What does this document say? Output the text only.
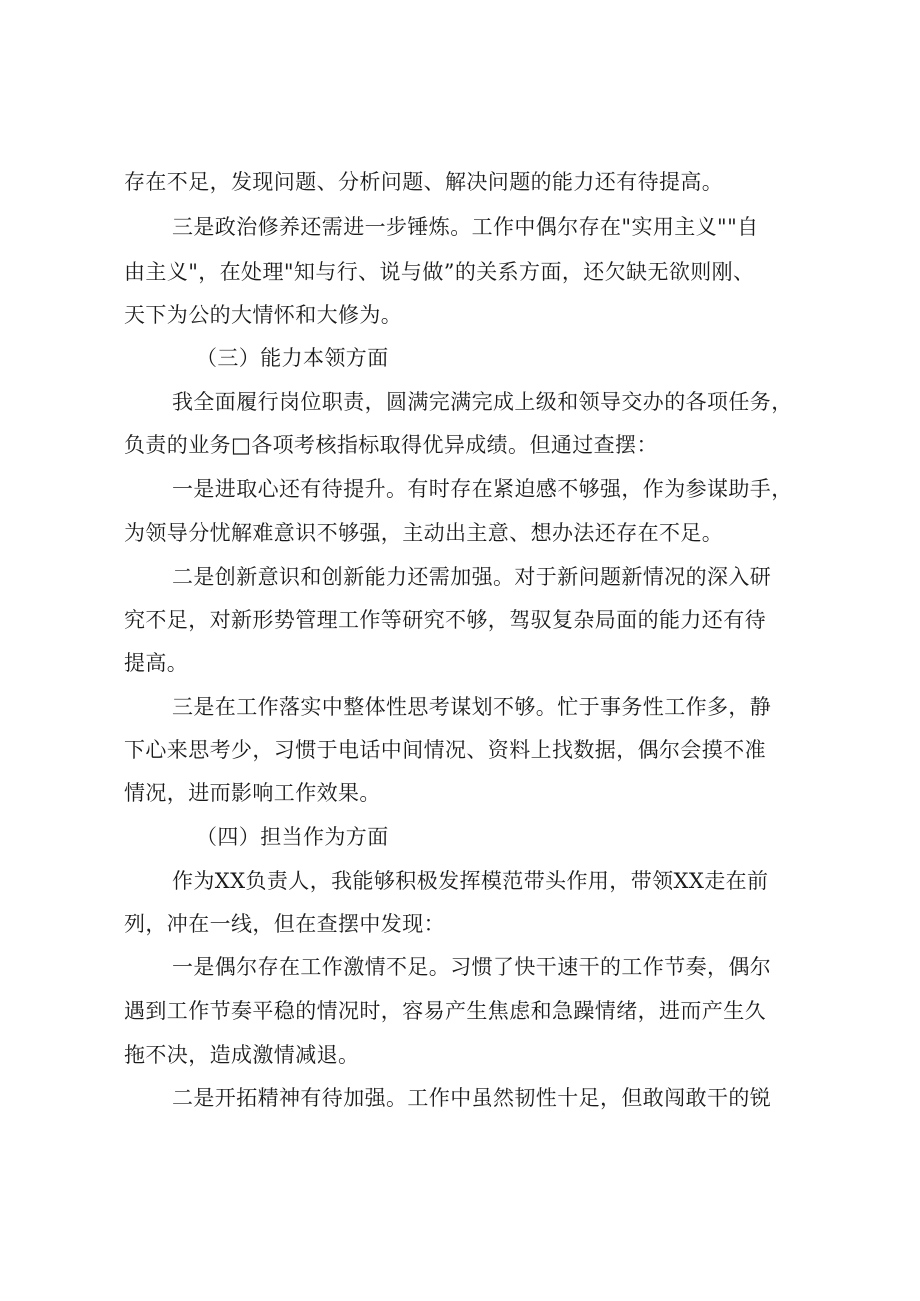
存在不足，发现问题、分析问题、解决问题的能力还有待提高。
三是政治修养还需进一步锤炼。工作中偶尔存在"实用主义""自
由主义"，在处理"知与行、说与做”的关系方面，还欠缺无欲则刚、
天下为公的大情怀和大修为。
（三）能力本领方面
我全面履行岗位职责，圆满完满完成上级和领导交办的各项任务，
负责的业务□各项考核指标取得优异成绩。但通过查摆：
一是进取心还有待提升。有时存在紧迫感不够强，作为参谋助手，
为领导分忧解难意识不够强，主动出主意、想办法还存在不足。
二是创新意识和创新能力还需加强。对于新问题新情况的深入研
究不足，对新形势管理工作等研究不够，驾驭复杂局面的能力还有待
提高。
三是在工作落实中整体性思考谋划不够。忙于事务性工作多，静
下心来思考少，习惯于电话中间情况、资料上找数据，偶尔会摸不准
情况，进而影响工作效果。
（四）担当作为方面
作为XX负责人，我能够积极发挥模范带头作用，带领XX走在前
列，冲在一线，但在查摆中发现：
一是偶尔存在工作激情不足。习惯了快干速干的工作节奏，偶尔
遇到工作节奏平稳的情况时，容易产生焦虑和急躁情绪，进而产生久
拖不决，造成激情减退。
二是开拓精神有待加强。工作中虽然韧性十足，但敢闯敢干的锐
